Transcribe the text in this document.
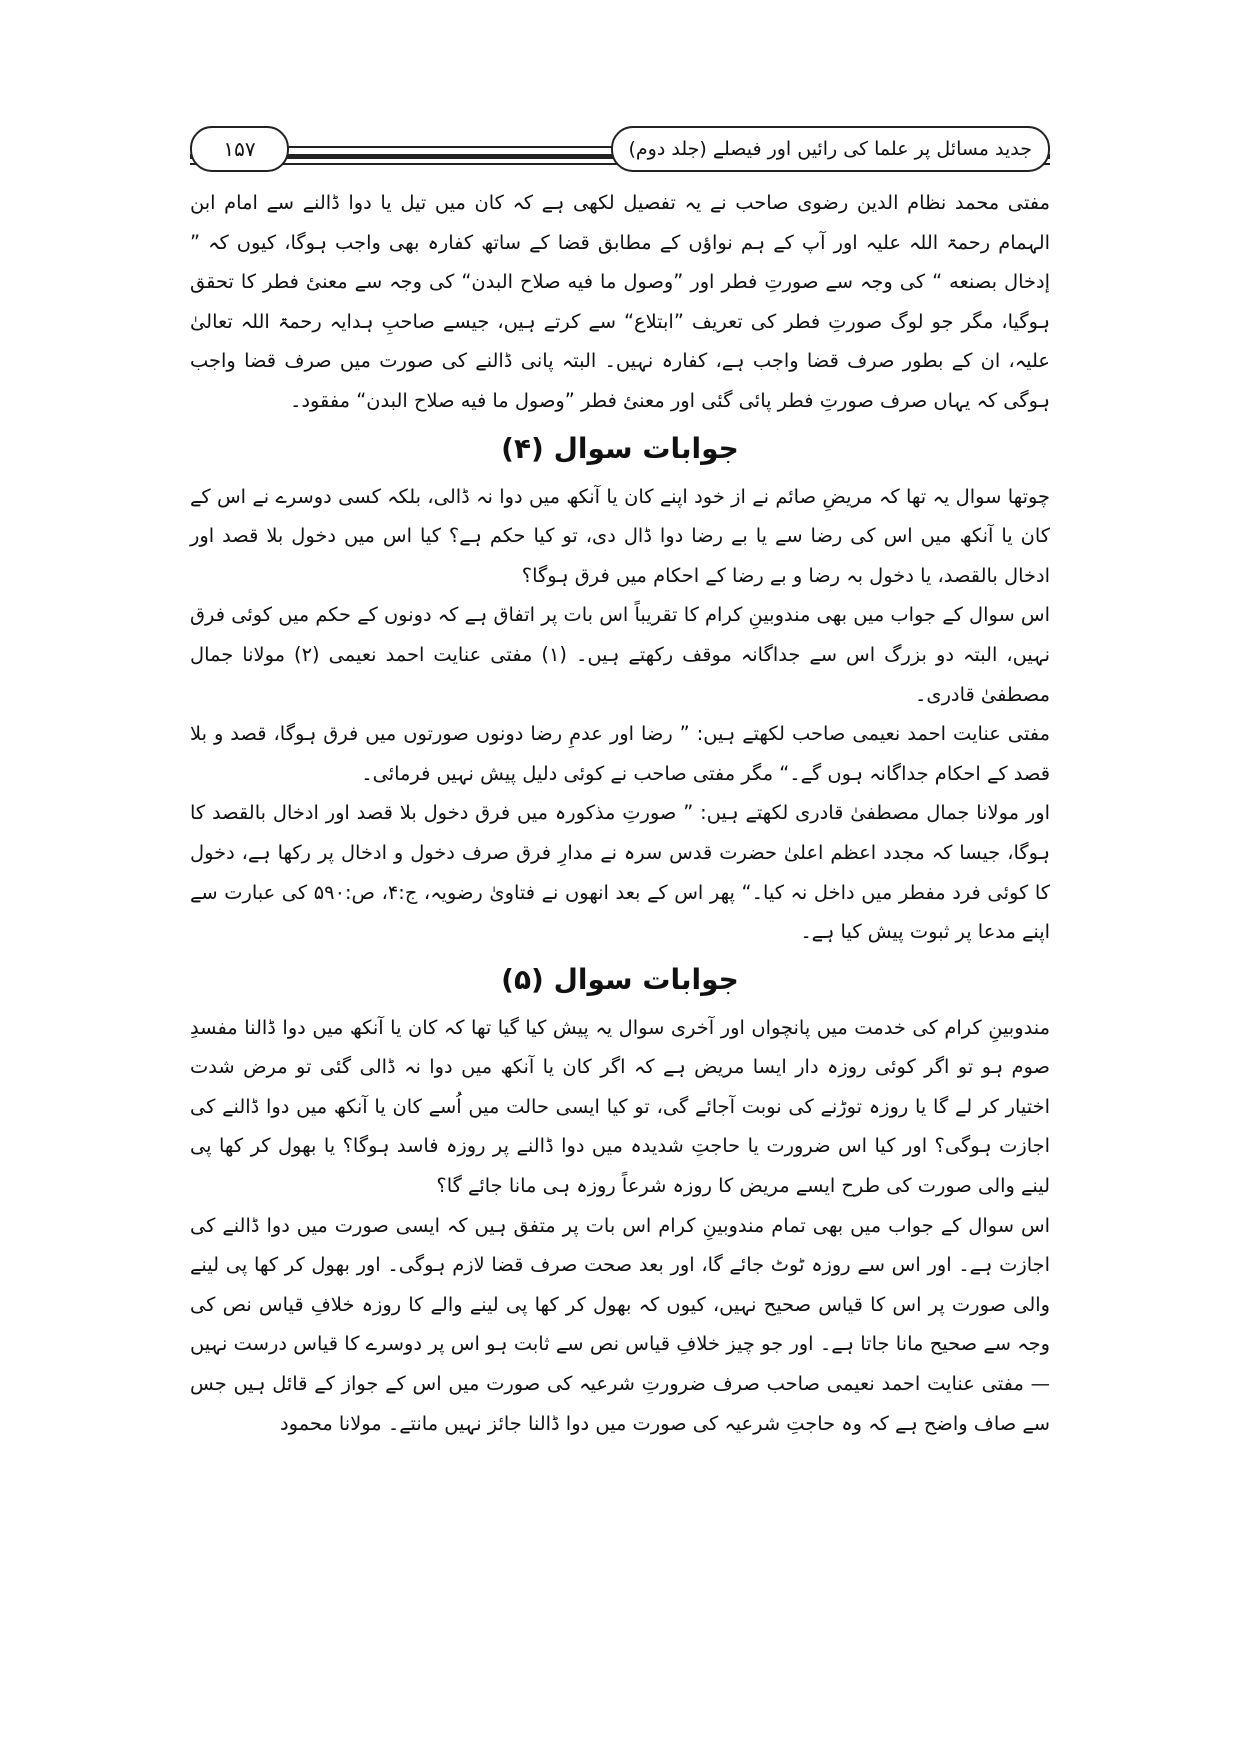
جدید مسائل پر علما کی رائیں اور فیصلے (جلد دوم)
۱۵۷

مفتی محمد نظام الدین رضوی صاحب نے یہ تفصیل لکھی ہے کہ کان میں تیل یا دوا ڈالنے سے امام ابن الہمام رحمۃ اللہ علیہ اور آپ کے ہم نواؤں کے مطابق قضا کے ساتھ کفارہ بھی واجب ہوگا، کیوں کہ ” إدخال بصنعه “ کی وجہ سے صورتِ فطر اور ”وصول ما فيه صلاح البدن“ کی وجہ سے معنیٔ فطر کا تحقق ہوگیا، مگر جو لوگ صورتِ فطر کی تعریف ”ابتلاع“ سے کرتے ہیں، جیسے صاحبِ ہدایہ رحمۃ اللہ تعالیٰ علیہ، ان کے بطور صرف قضا واجب ہے، کفارہ نہیں۔ البتہ پانی ڈالنے کی صورت میں صرف قضا واجب ہوگی کہ یہاں صرف صورتِ فطر پائی گئی اور معنیٔ فطر ”وصول ما فيه صلاح البدن“ مفقود۔

جوابات سوال (۴)

چوتھا سوال یہ تھا کہ مریضِ صائم نے از خود اپنے کان یا آنکھ میں دوا نہ ڈالی، بلکہ کسی دوسرے نے اس کے کان یا آنکھ میں اس کی رضا سے یا بے رضا دوا ڈال دی، تو کیا حکم ہے؟ کیا اس میں دخول بلا قصد اور ادخال بالقصد، یا دخول بہ رضا و بے رضا کے احکام میں فرق ہوگا؟

اس سوال کے جواب میں بھی مندوبینِ کرام کا تقریباً اس بات پر اتفاق ہے کہ دونوں کے حکم میں کوئی فرق نہیں، البتہ دو بزرگ اس سے جداگانہ موقف رکھتے ہیں۔ (۱) مفتی عنایت احمد نعیمی (۲) مولانا جمال مصطفیٰ قادری۔

مفتی عنایت احمد نعیمی صاحب لکھتے ہیں: ” رضا اور عدمِ رضا دونوں صورتوں میں فرق ہوگا، قصد و بلا قصد کے احکام جداگانہ ہوں گے۔“ مگر مفتی صاحب نے کوئی دلیل پیش نہیں فرمائی۔

اور مولانا جمال مصطفیٰ قادری لکھتے ہیں: ” صورتِ مذکورہ میں فرق دخول بلا قصد اور ادخال بالقصد کا ہوگا، جیسا کہ مجدد اعظم اعلیٰ حضرت قدس سرہ نے مدارِ فرق صرف دخول و ادخال پر رکھا ہے، دخول کا کوئی فرد مفطر میں داخل نہ کیا۔“ پھر اس کے بعد انھوں نے فتاویٰ رضویہ، ج:۴، ص:۵۹۰ کی عبارت سے اپنے مدعا پر ثبوت پیش کیا ہے۔

جوابات سوال (۵)

مندوبینِ کرام کی خدمت میں پانچواں اور آخری سوال یہ پیش کیا گیا تھا کہ کان یا آنکھ میں دوا ڈالنا مفسدِ صوم ہو تو اگر کوئی روزہ دار ایسا مریض ہے کہ اگر کان یا آنکھ میں دوا نہ ڈالی گئی تو مرض شدت اختیار کر لے گا یا روزہ توڑنے کی نوبت آجائے گی، تو کیا ایسی حالت میں اُسے کان یا آنکھ میں دوا ڈالنے کی اجازت ہوگی؟ اور کیا اس ضرورت یا حاجتِ شدیدہ میں دوا ڈالنے پر روزہ فاسد ہوگا؟ یا بھول کر کھا پی لینے والی صورت کی طرح ایسے مریض کا روزہ شرعاً روزہ ہی مانا جائے گا؟

اس سوال کے جواب میں بھی تمام مندوبینِ کرام اس بات پر متفق ہیں کہ ایسی صورت میں دوا ڈالنے کی اجازت ہے۔ اور اس سے روزہ ٹوٹ جائے گا، اور بعد صحت صرف قضا لازم ہوگی۔ اور بھول کر کھا پی لینے والی صورت پر اس کا قیاس صحیح نہیں، کیوں کہ بھول کر کھا پی لینے والے کا روزہ خلافِ قیاس نص کی وجہ سے صحیح مانا جاتا ہے۔ اور جو چیز خلافِ قیاس نص سے ثابت ہو اس پر دوسرے کا قیاس درست نہیں — مفتی عنایت احمد نعیمی صاحب صرف ضرورتِ شرعیہ کی صورت میں اس کے جواز کے قائل ہیں جس سے صاف واضح ہے کہ وہ حاجتِ شرعیہ کی صورت میں دوا ڈالنا جائز نہیں مانتے۔ مولانا محمود
